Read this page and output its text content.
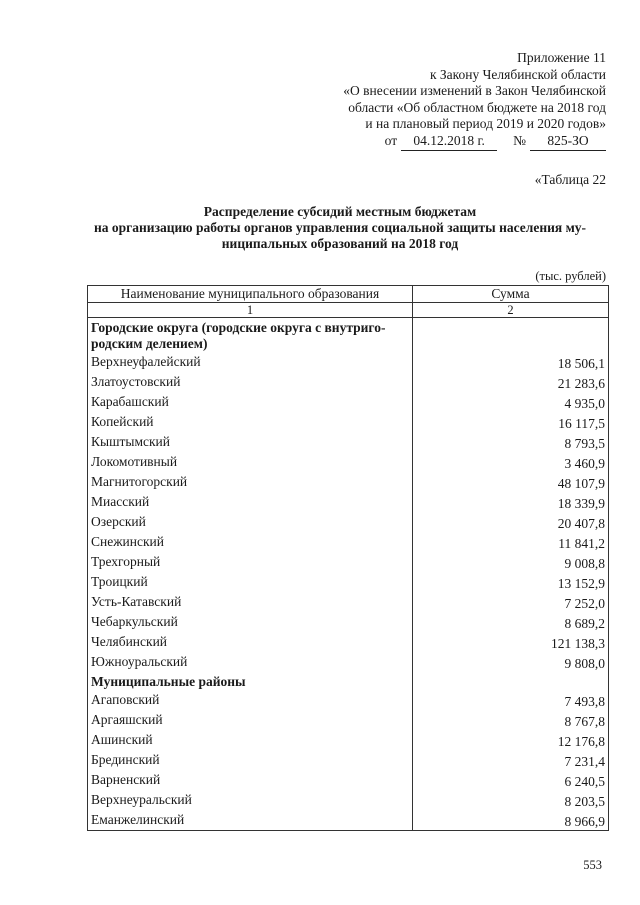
Приложение 11
к Закону Челябинской области
«О внесении изменений в Закон Челябинской
области «Об областном бюджете на 2018 год
и на плановый период 2019 и 2020 годов»
от	04.12.2018 г.	№	825-ЗО
«Таблица 22
Распределение субсидий местным бюджетам
на организацию работы органов управления социальной защиты населения му-
ниципальных образований на 2018 год
(тыс. рублей)
Наименование муниципального образования	Сумма
1	2

Городские округа (городские округа с внутриго-
родским делением)	

Верхнеуфалейский	18 506,1
Златоустовский	21 283,6
Карабашский	4 935,0
Копейский	16 117,5
Кыштымский	8 793,5
Локомотивный	3 460,9
Магнитогорский	48 107,9
Миасский	18 339,9
Озерский	20 407,8
Снежинский	11 841,2
Трехгорный	9 008,8
Троицкий	13 152,9
Усть-Катавский	7 252,0
Чебаркульский	8 689,2
Челябинский	121 138,3
Южноуральский	9 808,0
Муниципальные районы	
Агаповский	7 493,8
Аргаяшский	8 767,8
Ашинский	12 176,8
Брединский	7 231,4
Варненский	6 240,5
Верхнеуральский	8 203,5
Еманжелинский	8 966,9
553
